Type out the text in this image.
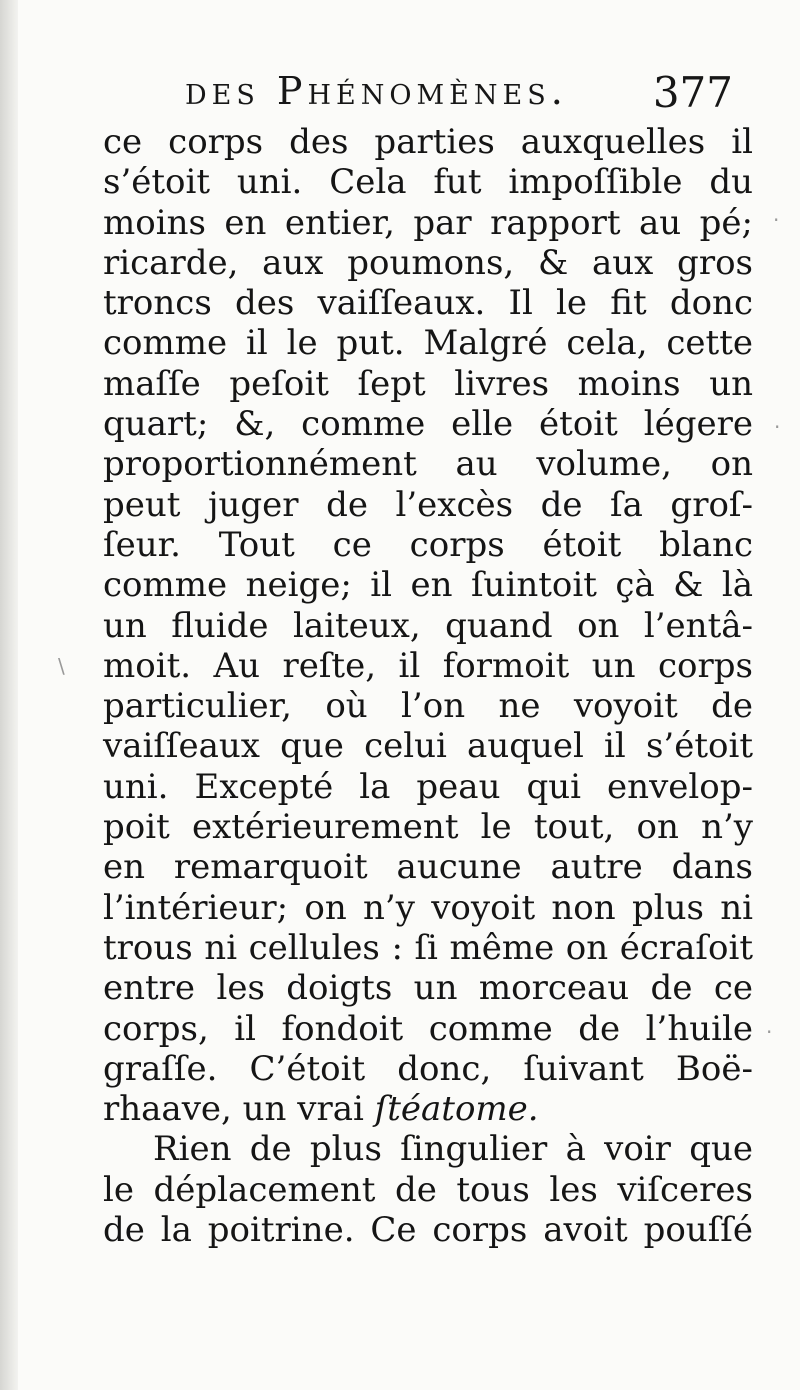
des Phénomènes. 377
ce corps des parties auxquelles il
s’étoit uni. Cela fut impoſſible du
moins en entier, par rapport au pé;
ricarde, aux poumons, & aux gros
troncs des vaiſſeaux. Il le fit donc
comme il le put. Malgré cela, cette
maſſe peſoit ſept livres moins un
quart; &, comme elle étoit légere
proportionnément au volume, on
peut juger de l’excès de ſa groſ-
ſeur. Tout ce corps étoit blanc
comme neige; il en ſuintoit çà & là
un fluide laiteux, quand on l’entâ-
moit. Au reſte, il formoit un corps
particulier, où l’on ne voyoit de
vaiſſeaux que celui auquel il s’étoit
uni. Excepté la peau qui envelop-
poit extérieurement le tout, on n’y
en remarquoit aucune autre dans
l’intérieur; on n’y voyoit non plus ni
trous ni cellules : ſi même on écraſoit
entre les doigts un morceau de ce
corps, il fondoit comme de l’huile
graſſe. C’étoit donc, ſuivant Boë-
rhaave, un vrai ſtéatome.
Rien de plus ſingulier à voir que
le déplacement de tous les viſceres
de la poitrine. Ce corps avoit pouſſé
·
·
\
·
